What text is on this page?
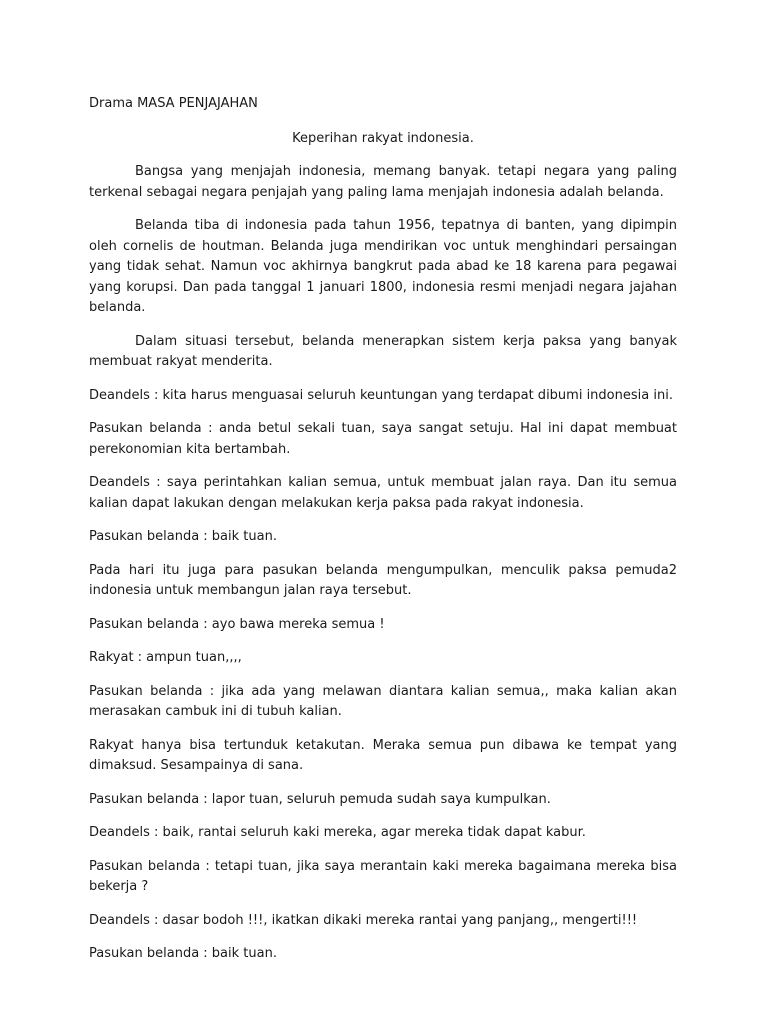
Drama MASA PENJAJAHAN
Keperihan rakyat indonesia.

Bangsa yang menjajah indonesia, memang banyak. tetapi negara yang paling terkenal sebagai negara penjajah yang paling lama menjajah indonesia adalah belanda.

Belanda tiba di indonesia pada tahun 1956, tepatnya di banten, yang dipimpin oleh cornelis de houtman. Belanda juga mendirikan voc untuk menghindari persaingan yang tidak sehat. Namun voc akhirnya bangkrut pada abad ke 18 karena para pegawai yang korupsi. Dan pada tanggal 1 januari 1800, indonesia resmi menjadi negara jajahan belanda.

Dalam situasi tersebut, belanda menerapkan sistem kerja paksa yang banyak membuat rakyat menderita.

Deandels : kita harus menguasai seluruh keuntungan yang terdapat dibumi indonesia ini.

Pasukan belanda : anda betul sekali tuan, saya sangat setuju. Hal ini dapat membuat perekonomian kita bertambah.

Deandels : saya perintahkan kalian semua, untuk membuat jalan raya. Dan itu semua kalian dapat lakukan dengan melakukan kerja paksa pada rakyat indonesia.

Pasukan belanda : baik tuan.

Pada hari itu juga para pasukan belanda mengumpulkan, menculik paksa pemuda2 indonesia untuk membangun jalan raya tersebut.

Pasukan belanda : ayo bawa mereka semua !

Rakyat : ampun tuan,,,,

Pasukan belanda : jika ada yang melawan diantara kalian semua,, maka kalian akan merasakan cambuk ini di tubuh kalian.

Rakyat hanya bisa tertunduk ketakutan. Meraka semua pun dibawa ke tempat yang dimaksud. Sesampainya di sana.

Pasukan belanda : lapor tuan, seluruh pemuda sudah saya kumpulkan.

Deandels : baik, rantai seluruh kaki mereka, agar mereka tidak dapat kabur.

Pasukan belanda : tetapi tuan, jika saya merantain kaki mereka bagaimana mereka bisa bekerja ?

Deandels : dasar bodoh !!!, ikatkan dikaki mereka rantai yang panjang,, mengerti!!!

Pasukan belanda : baik tuan.
